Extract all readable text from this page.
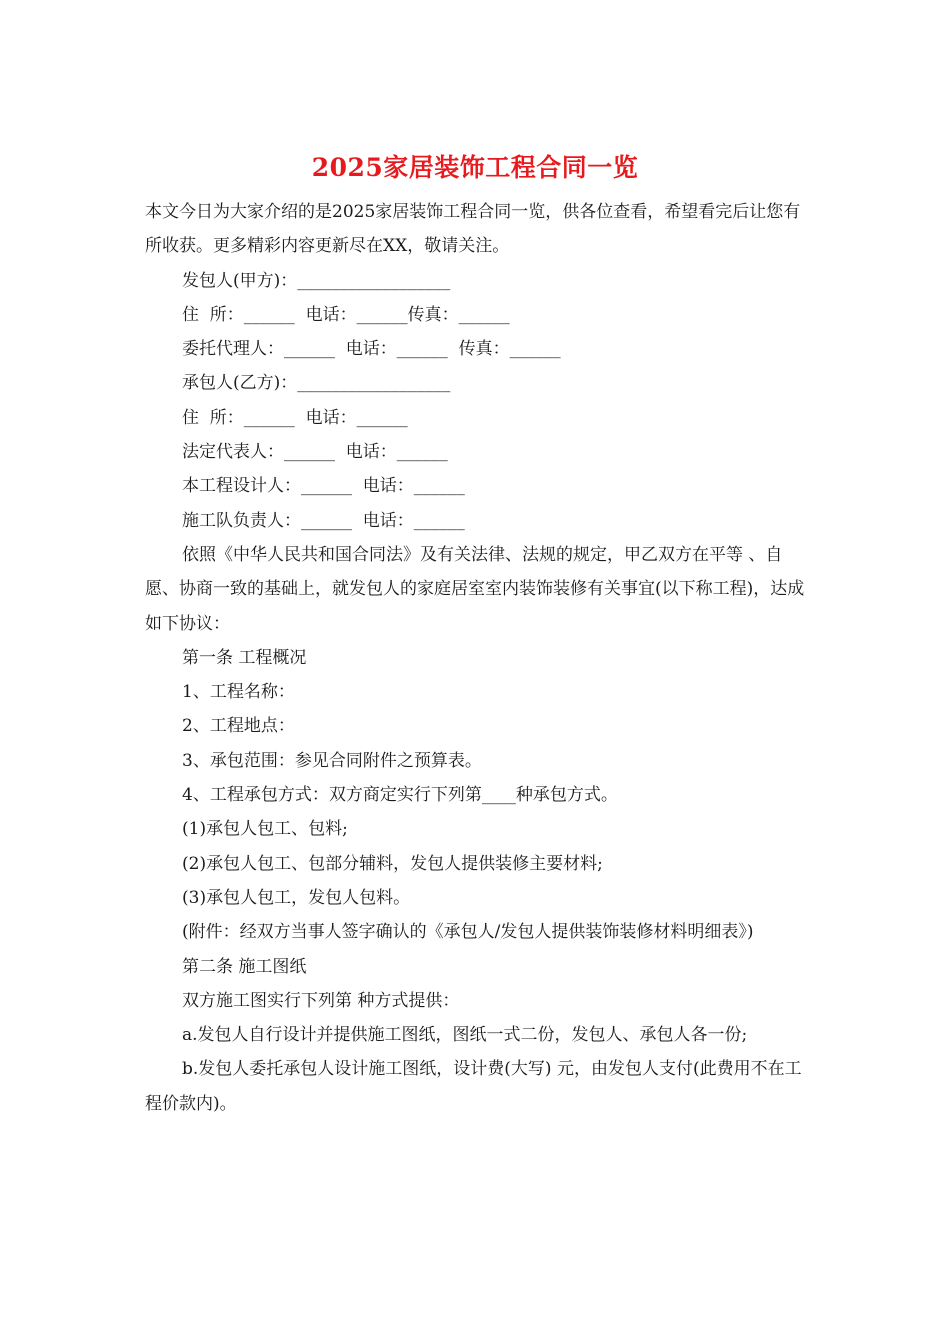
2025家居装饰工程合同一览

本文今日为大家介绍的是2025家居装饰工程合同一览，供各位查看，希望看完后让您有所收获。更多精彩内容更新尽在XX，敬请关注。

发包人(甲方)：__________________

住  所：______  电话：______传真：______

委托代理人：______  电话：______  传真：______

承包人(乙方)：__________________

住  所：______  电话：______

法定代表人：______  电话：______

本工程设计人：______  电话：______

施工队负责人：______  电话：______

依照《中华人民共和国合同法》及有关法律、法规的规定，甲乙双方在平等 、自愿、协商一致的基础上，就发包人的家庭居室室内装饰装修有关事宜(以下称工程)，达成如下协议：

第一条 工程概况

1、工程名称：

2、工程地点：

3、承包范围：参见合同附件之预算表。

4、工程承包方式：双方商定实行下列第____种承包方式。

(1)承包人包工、包料;

(2)承包人包工、包部分辅料，发包人提供装修主要材料;

(3)承包人包工，发包人包料。

(附件：经双方当事人签字确认的《承包人/发包人提供装饰装修材料明细表》)

第二条 施工图纸

双方施工图实行下列第 种方式提供：

a.发包人自行设计并提供施工图纸，图纸一式二份，发包人、承包人各一份;

b.发包人委托承包人设计施工图纸，设计费(大写) 元，由发包人支付(此费用不在工程价款内)。
